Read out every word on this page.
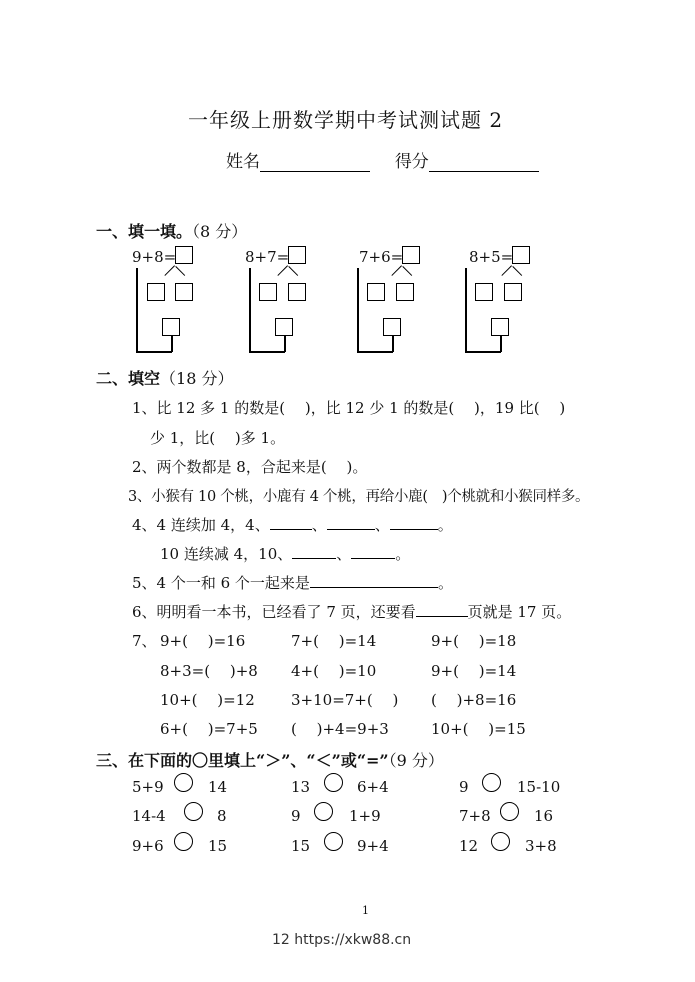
一年级上册数学期中考试测试题 2
姓名	得分
一、填一填。（8 分）
9+8=	8+7=	7+6=	8+5=
二、填空（18 分）
1、比 12 多 1 的数是(　 )，比 12 少 1 的数是(　 )，19 比(　 )
少 1，比(　 )多 1。
2、两个数都是 8，合起来是(　 )。
3、小猴有 10 个桃，小鹿有 4 个桃，再给小鹿(　)个桃就和小猴同样多。
4、4 连续加 4，4、	、	、	。
10 连续减 4，10、	、	。
5、4 个一和 6 个一起来是	。
6、明明看一本书，已经看了 7 页，还要看	页就是 17 页。
7、 9+(　 )=16	7+(　 )=14	9+(　 )=18
8+3=(　 )+8 4+(　 )=10	9+(　 )=14
10+(　 )=12 3+10=7+(　 ) (　 )+8=16
6+(　 )=7+5 (　 )+4=9+3	10+(　 )=15
三、在下面的〇里填上“＞”、“＜”或“=”（9 分）
5+9	14	13	6+4	9	15-10
14-4	8	9	1+9	7+8	16
9+6	15	15	9+4	12	3+8
1
12 https://xkw88.cn
